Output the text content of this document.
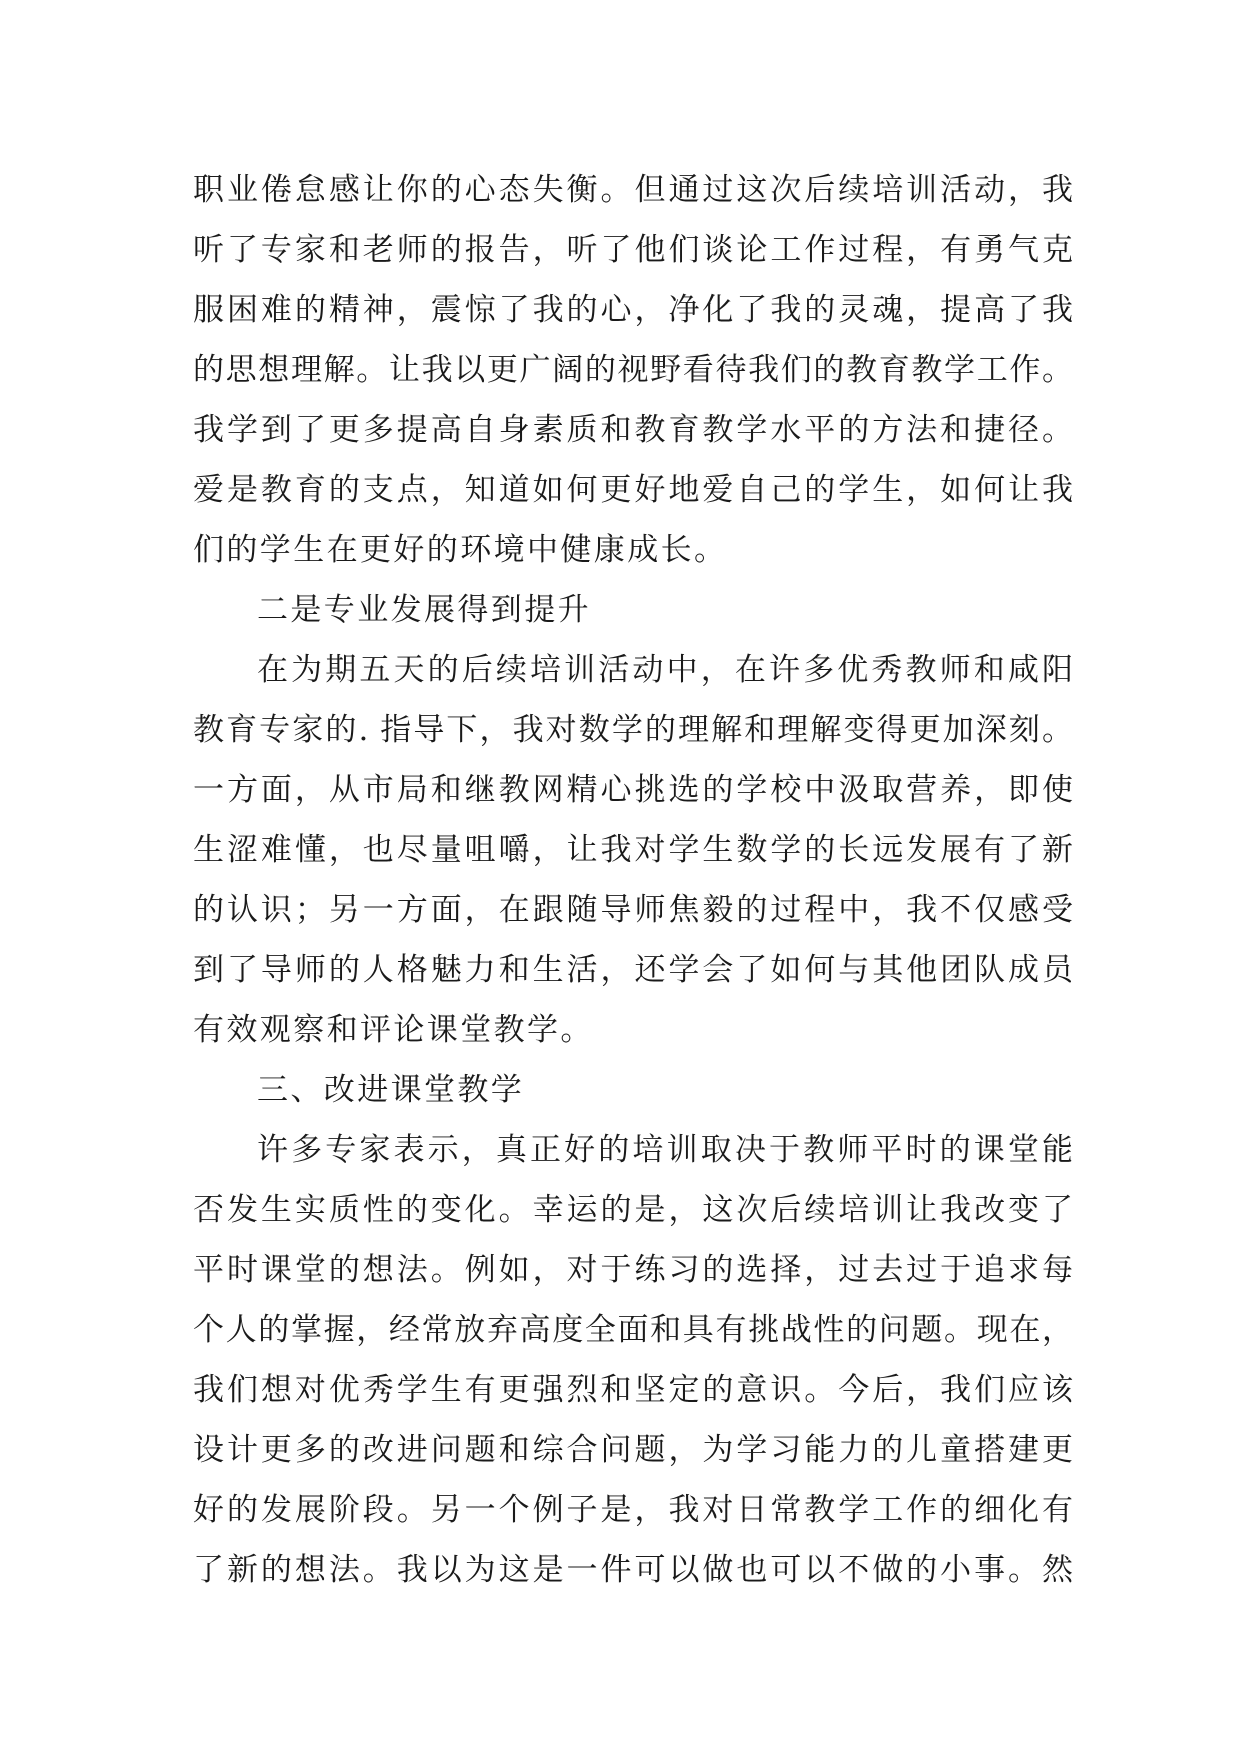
职业倦怠感让你的心态失衡。但通过这次后续培训活动，我
听了专家和老师的报告，听了他们谈论工作过程，有勇气克
服困难的精神，震惊了我的心，净化了我的灵魂，提高了我
的思想理解。让我以更广阔的视野看待我们的教育教学工作。
我学到了更多提高自身素质和教育教学水平的方法和捷径。
爱是教育的支点，知道如何更好地爱自己的学生，如何让我
们的学生在更好的环境中健康成长。
二是专业发展得到提升
在为期五天的后续培训活动中，在许多优秀教师和咸阳
教育专家的. 指导下，我对数学的理解和理解变得更加深刻。
一方面，从市局和继教网精心挑选的学校中汲取营养，即使
生涩难懂，也尽量咀嚼，让我对学生数学的长远发展有了新
的认识；另一方面，在跟随导师焦毅的过程中，我不仅感受
到了导师的人格魅力和生活，还学会了如何与其他团队成员
有效观察和评论课堂教学。
三、改进课堂教学
许多专家表示，真正好的培训取决于教师平时的课堂能
否发生实质性的变化。幸运的是，这次后续培训让我改变了
平时课堂的想法。例如，对于练习的选择，过去过于追求每
个人的掌握，经常放弃高度全面和具有挑战性的问题。现在，
我们想对优秀学生有更强烈和坚定的意识。今后，我们应该
设计更多的改进问题和综合问题，为学习能力的儿童搭建更
好的发展阶段。另一个例子是，我对日常教学工作的细化有
了新的想法。我以为这是一件可以做也可以不做的小事。然
